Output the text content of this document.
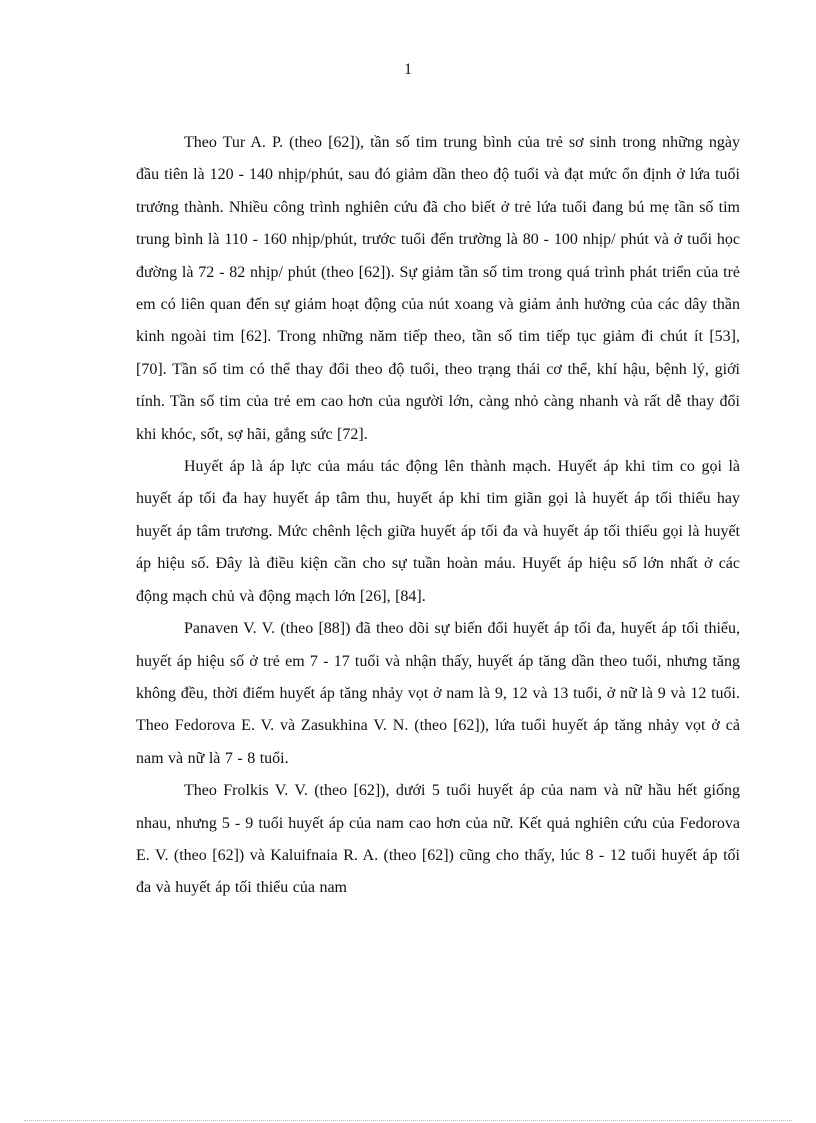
1

Theo Tur A. P. (theo [62]), tần số tim trung bình của trẻ sơ sinh trong những ngày đầu tiên là 120 - 140 nhịp/phút, sau đó giảm dần theo độ tuổi và đạt mức ổn định ở lứa tuổi trưởng thành. Nhiều công trình nghiên cứu đã cho biết ở trẻ lứa tuổi đang bú mẹ tần số tim trung bình là 110 - 160 nhịp/phút, trước tuổi đến trường là 80 - 100 nhịp/ phút và ở tuổi học đường là 72 - 82 nhịp/ phút (theo [62]). Sự giảm tần số tim trong quá trình phát triển của trẻ em có liên quan đến sự giảm hoạt động của nút xoang và giảm ảnh hưởng của các dây thần kinh ngoài tim [62]. Trong những năm tiếp theo, tần số tim tiếp tục giảm đi chút ít [53], [70]. Tần số tim có thể thay đổi theo độ tuổi, theo trạng thái cơ thể, khí hậu, bệnh lý, giới tính. Tần số tim của trẻ em cao hơn của người lớn, càng nhỏ càng nhanh và rất dễ thay đổi khi khóc, sốt, sợ hãi, gắng sức [72].

Huyết áp là áp lực của máu tác động lên thành mạch. Huyết áp khi tim co gọi là huyết áp tối đa hay huyết áp tâm thu, huyết áp khi tim giãn gọi là huyết áp tối thiểu hay huyết áp tâm trương. Mức chênh lệch giữa huyết áp tối đa và huyết áp tối thiểu gọi là huyết áp hiệu số. Đây là điều kiện cần cho sự tuần hoàn máu. Huyết áp hiệu số lớn nhất ở các động mạch chủ và động mạch lớn [26], [84].

Panaven V. V. (theo [88]) đã theo dõi sự biến đổi huyết áp tối đa, huyết áp tối thiểu, huyết áp hiệu số ở trẻ em 7 - 17 tuổi và nhận thấy, huyết áp tăng dần theo tuổi, nhưng tăng không đều, thời điểm huyết áp tăng nhảy vọt ở nam là 9, 12 và 13 tuổi, ở nữ là 9 và 12 tuổi. Theo Fedorova E. V. và Zasukhina V. N. (theo [62]), lứa tuổi huyết áp tăng nhảy vọt ở cả nam và nữ là 7 - 8 tuổi.

Theo Frolkis V. V. (theo [62]), dưới 5 tuổi huyết áp của nam và nữ hầu hết giống nhau, nhưng 5 - 9 tuổi huyết áp của nam cao hơn của nữ. Kết quả nghiên cứu của Fedorova E. V. (theo [62]) và Kaluifnaia R. A. (theo [62]) cũng cho thấy, lúc 8 - 12 tuổi huyết áp tối đa và huyết áp tối thiểu của nam
